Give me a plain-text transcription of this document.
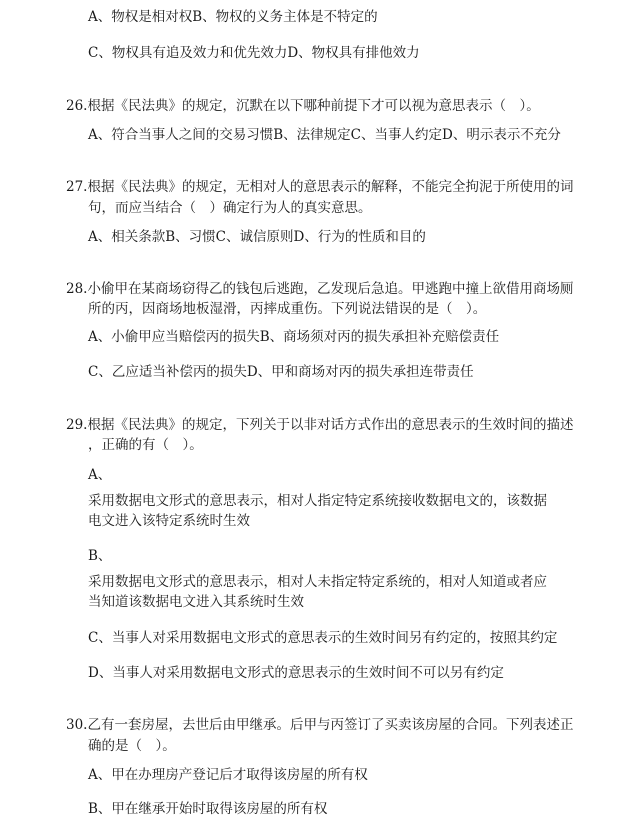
A、物权是相对权B、物权的义务主体是不特定的
C、物权具有追及效力和优先效力D、物权具有排他效力
26.根据《民法典》的规定，沉默在以下哪种前提下才可以视为意思表示（　）。
A、符合当事人之间的交易习惯B、法律规定C、当事人约定D、明示表示不充分
27.根据《民法典》的规定，无相对人的意思表示的解释，不能完全拘泥于所使用的词
句，而应当结合（　）确定行为人的真实意思。
A、相关条款B、习惯C、诚信原则D、行为的性质和目的
28.小偷甲在某商场窃得乙的钱包后逃跑，乙发现后急追。甲逃跑中撞上欲借用商场厕
所的丙，因商场地板湿滑，丙摔成重伤。下列说法错误的是（　）。
A、小偷甲应当赔偿丙的损失B、商场须对丙的损失承担补充赔偿责任
C、乙应适当补偿丙的损失D、甲和商场对丙的损失承担连带责任
29.根据《民法典》的规定，下列关于以非对话方式作出的意思表示的生效时间的描述
，正确的有（　）。
A、
采用数据电文形式的意思表示，相对人指定特定系统接收数据电文的，该数据
电文进入该特定系统时生效
B、
采用数据电文形式的意思表示，相对人未指定特定系统的，相对人知道或者应
当知道该数据电文进入其系统时生效
C、当事人对采用数据电文形式的意思表示的生效时间另有约定的，按照其约定
D、当事人对采用数据电文形式的意思表示的生效时间不可以另有约定
30.乙有一套房屋，去世后由甲继承。后甲与丙签订了买卖该房屋的合同。下列表述正
确的是（　）。
A、甲在办理房产登记后才取得该房屋的所有权
B、甲在继承开始时取得该房屋的所有权
